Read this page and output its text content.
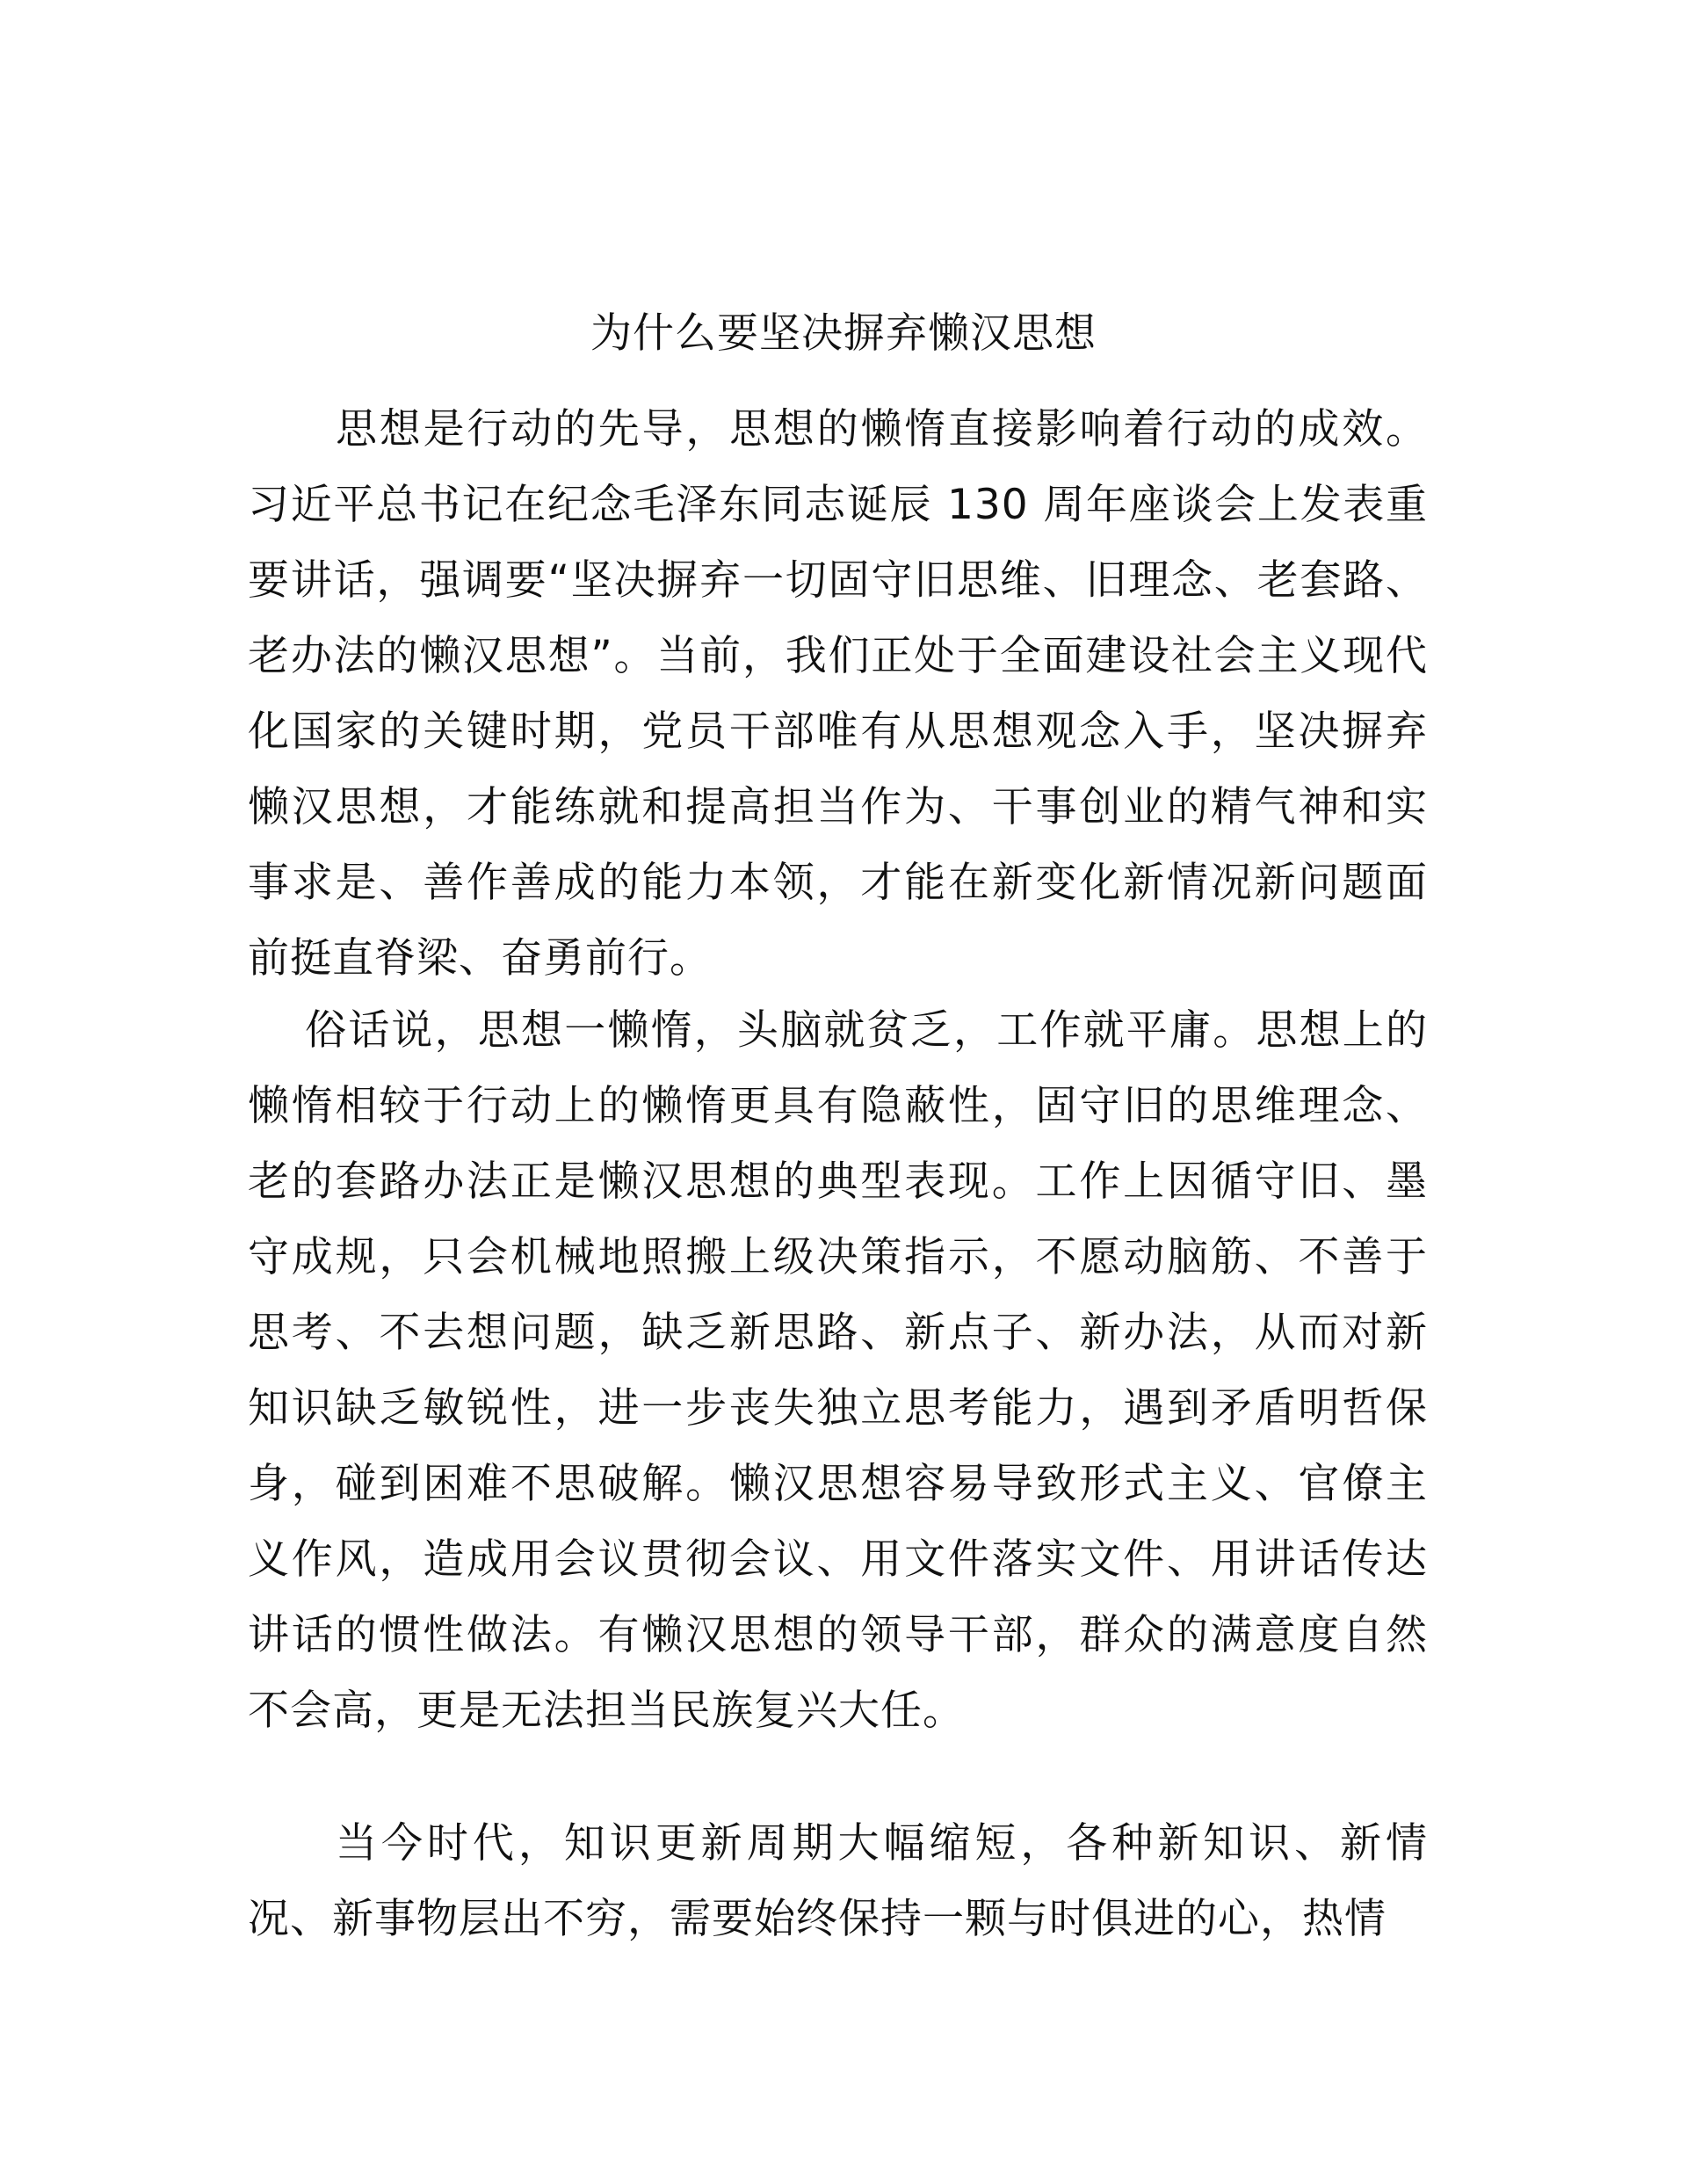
为什么要坚决摒弃懒汉思想

思想是行动的先导，思想的懒惰直接影响着行动的成效。习近平总书记在纪念毛泽东同志诞辰 130 周年座谈会上发表重要讲话，强调要“坚决摒弃一切固守旧思维、旧理念、老套路、老办法的懒汉思想”。当前，我们正处于全面建设社会主义现代化国家的关键时期，党员干部唯有从思想观念入手，坚决摒弃懒汉思想，才能练就和提高担当作为、干事创业的精气神和实事求是、善作善成的能力本领，才能在新变化新情况新问题面前挺直脊梁、奋勇前行。

俗话说，思想一懒惰，头脑就贫乏，工作就平庸。思想上的懒惰相较于行动上的懒惰更具有隐蔽性，固守旧的思维理念、老的套路办法正是懒汉思想的典型表现。工作上因循守旧、墨守成规，只会机械地照搬上级决策指示，不愿动脑筋、不善于思考、不去想问题，缺乏新思路、新点子、新办法，从而对新知识缺乏敏锐性，进一步丧失独立思考能力，遇到矛盾明哲保身，碰到困难不思破解。懒汉思想容易导致形式主义、官僚主义作风，造成用会议贯彻会议、用文件落实文件、用讲话传达讲话的惯性做法。有懒汉思想的领导干部，群众的满意度自然不会高，更是无法担当民族复兴大任。

当今时代，知识更新周期大幅缩短，各种新知识、新情况、新事物层出不穷，需要始终保持一颗与时俱进的心，热情
